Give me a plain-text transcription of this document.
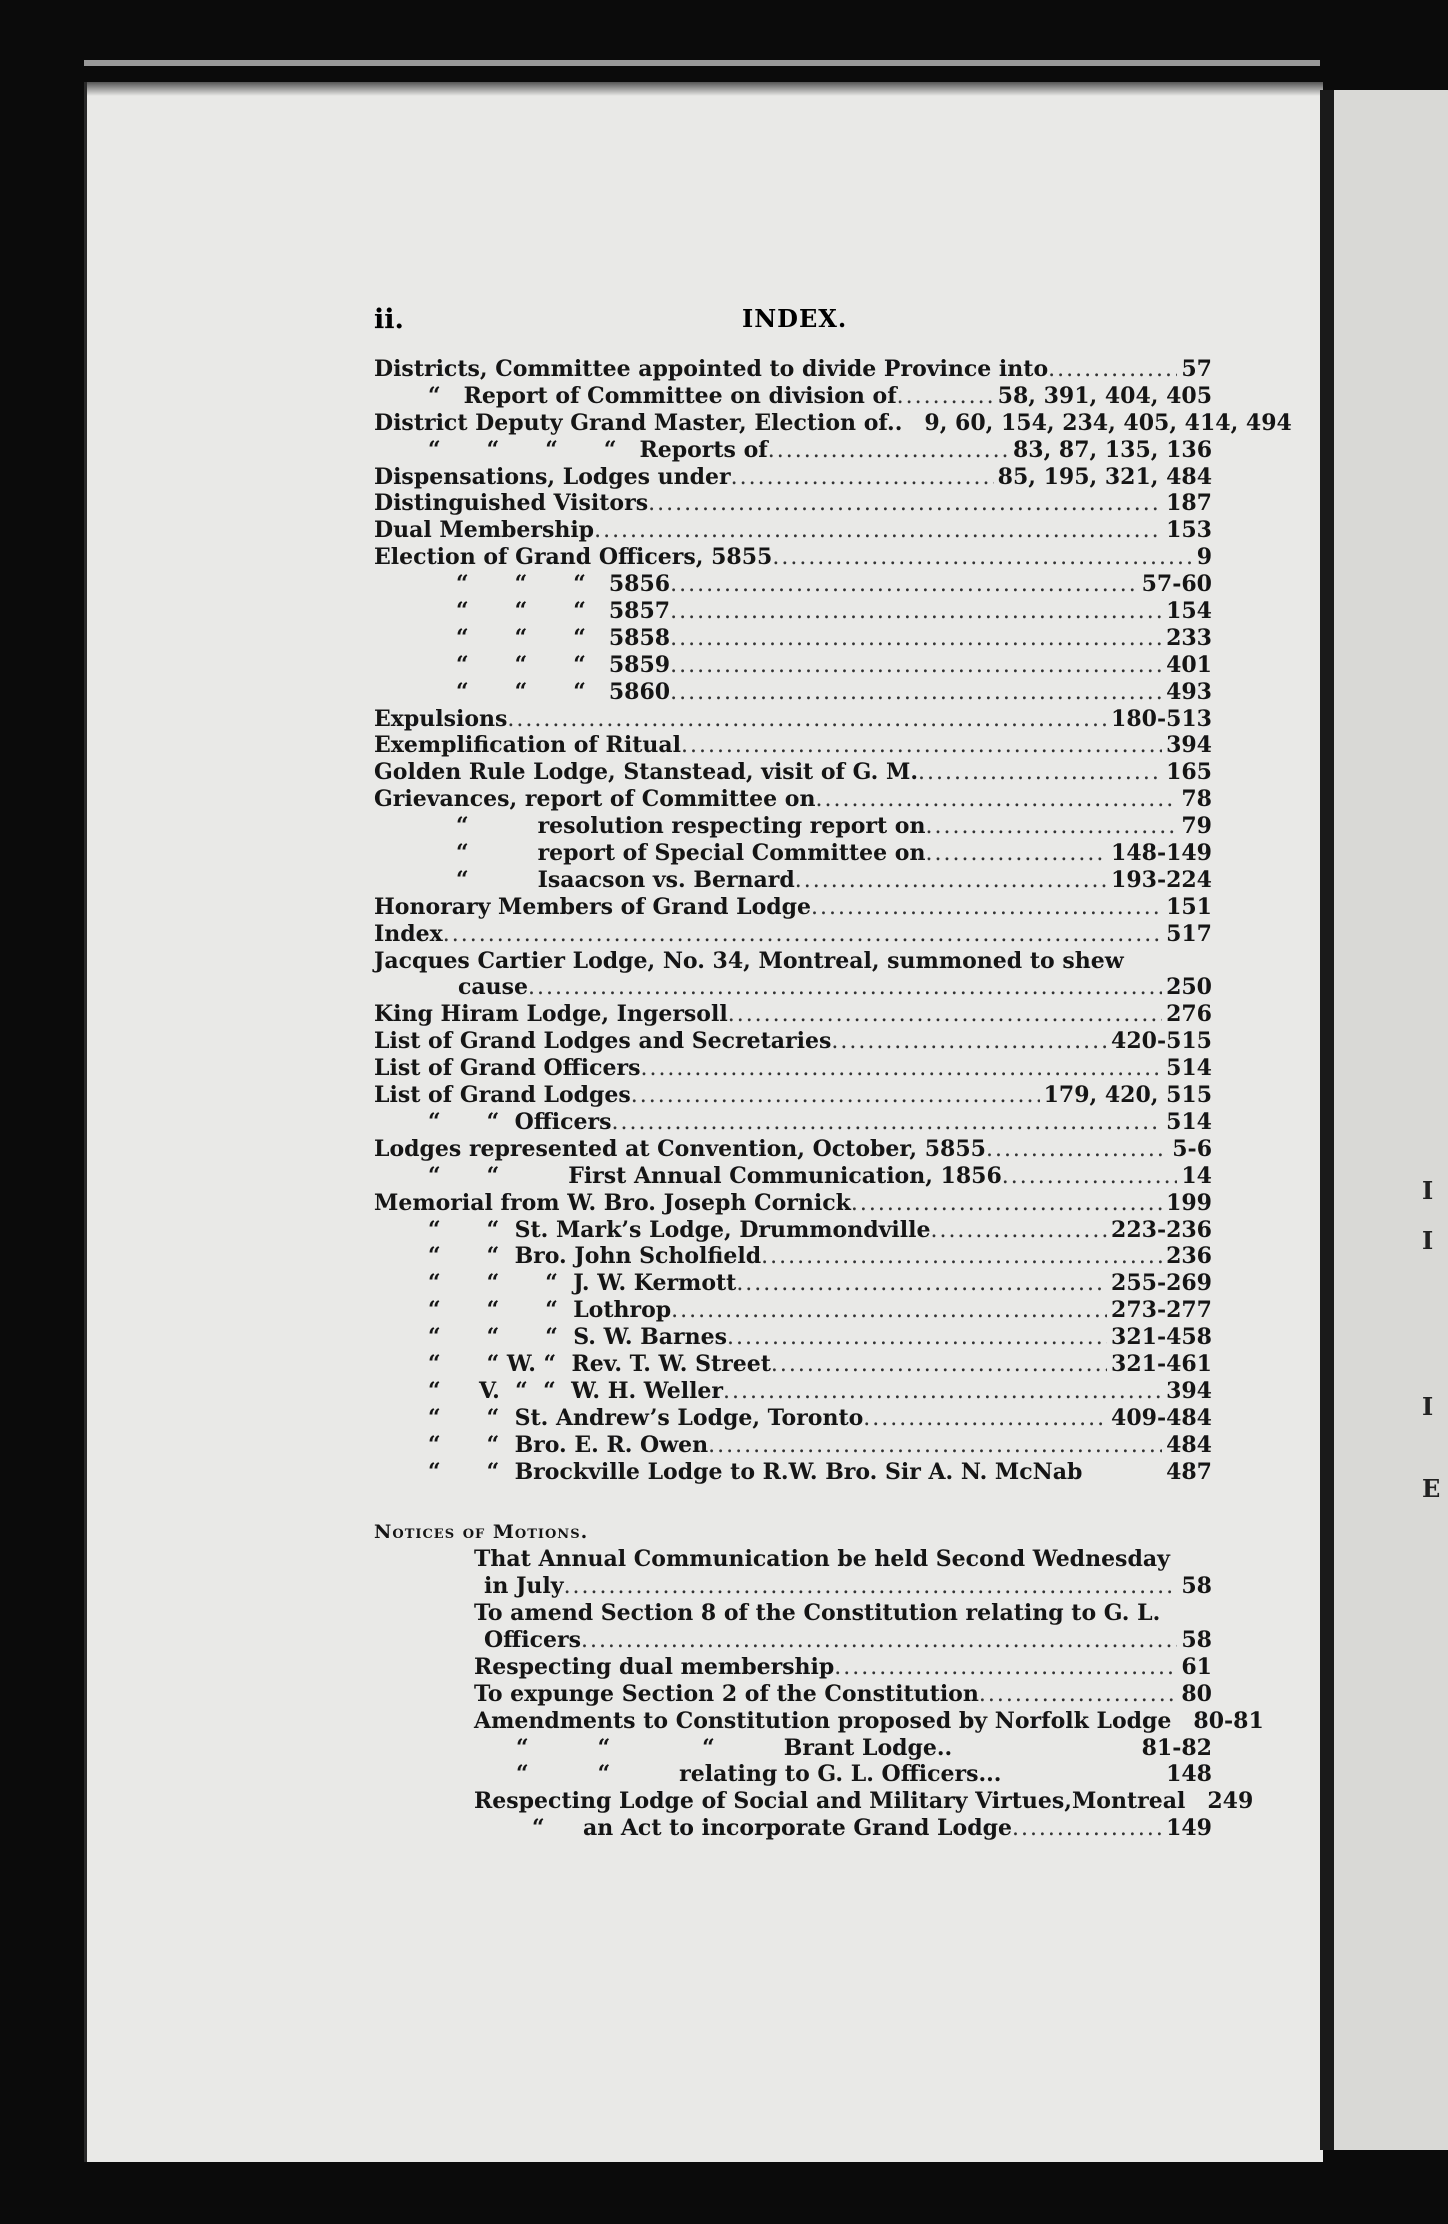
I
I
I
E
ii.	INDEX.
Districts, Committee appointed to divide Province into .....	57
“   Report of Committee on division of .....	58, 391, 404, 405
District Deputy Grand Master, Election of..	9, 60, 154, 234, 405, 414, 494
“      “      “      “   Reports of .....	83, 87, 135, 136
Dispensations, Lodges under .....	85, 195, 321, 484
Distinguished Visitors .....	187
Dual Membership .....	153
Election of Grand Officers, 5855 .....	9
“      “      “   5856 .....	57-60
“      “      “   5857 .....	154
“      “      “   5858 .....	233
“      “      “   5859 .....	401
“      “      “   5860 .....	493
Expulsions .....	180-513
Exemplification of Ritual .....	394
Golden Rule Lodge, Stanstead, visit of G. M. .....	165
Grievances, report of Committee on .....	78
“         resolution respecting report on .....	79
“         report of Special Committee on .....	148-149
“         Isaacson vs. Bernard .....	193-224
Honorary Members of Grand Lodge .....	151
Index .....	517
Jacques Cartier Lodge, No. 34, Montreal, summoned to shew
cause .....	250
King Hiram Lodge, Ingersoll .....	276
List of Grand Lodges and Secretaries .....	420-515
List of Grand Officers .....	514
List of Grand Lodges .....	179, 420, 515
“      “  Officers .....	514
Lodges represented at Convention, October, 5855 .....	5-6
“      “         First Annual Communication, 1856 .....	14
Memorial from W. Bro. Joseph Cornick .....	199
“      “  St. Mark’s Lodge, Drummondville .....	223-236
“      “  Bro. John Scholfield .....	236
“      “      “  J. W. Kermott .....	255-269
“      “      “  Lothrop .....	273-277
“      “      “  S. W. Barnes .....	321-458
“      “ W. “  Rev. T. W. Street .....	321-461
“     V.  “  “  W. H. Weller .....	394
“      “  St. Andrew’s Lodge, Toronto .....	409-484
“      “  Bro. E. R. Owen .....	484
“      “  Brockville Lodge to R.W. Bro. Sir A. N. McNab	487
Notices of Motions.
That Annual Communication be held Second Wednesday
in July .....	58
To amend Section 8 of the Constitution relating to G. L.
Officers .....	58
Respecting dual membership .....	61
To expunge Section 2 of the Constitution .....	80
Amendments to Constitution proposed by Norfolk Lodge	80-81
“         “            “         Brant Lodge..	81-82
“         “         relating to G. L. Officers...	148
Respecting Lodge of Social and Military Virtues,Montreal	249
“     an Act to incorporate Grand Lodge .....	149
